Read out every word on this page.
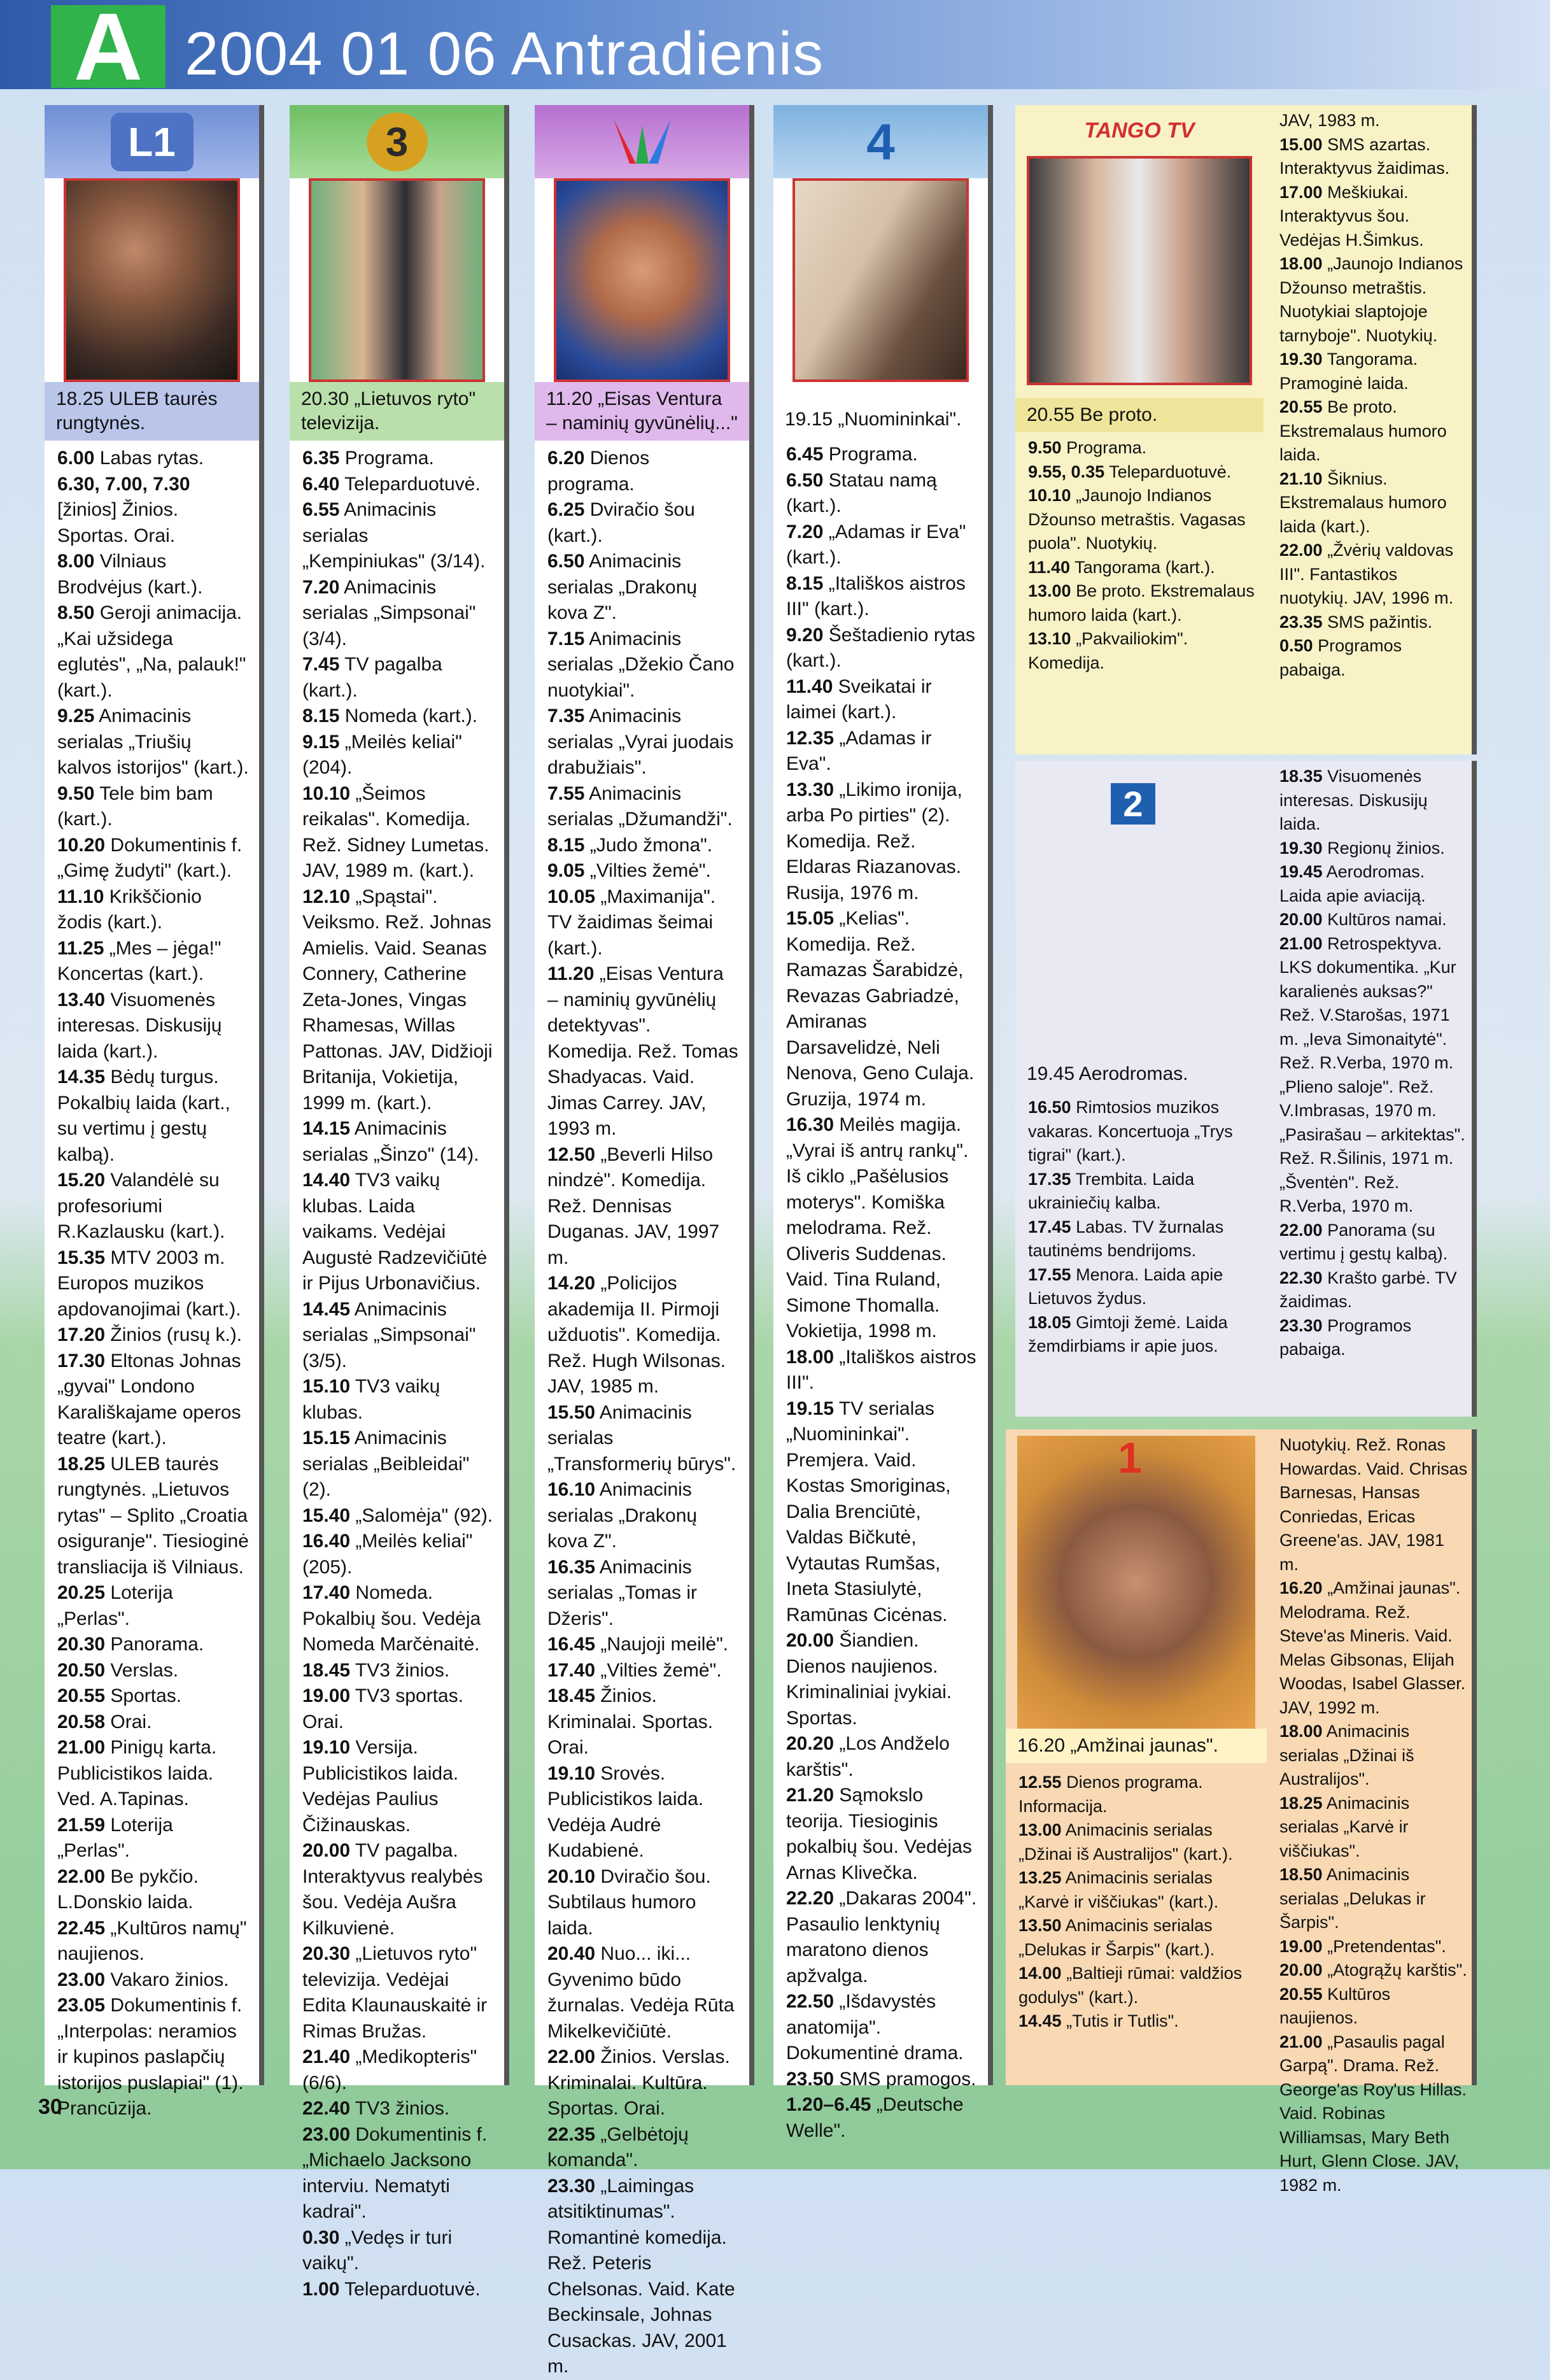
A 2004 01 06 Antradienis
L1
18.25 ULEB taurės rungtynės.
6.00 Labas rytas.
6.30, 7.00, 7.30 [žinios] Žinios. Sportas. Orai.
8.00 Vilniaus Brodvėjus (kart.).
8.50 Geroji animacija. „Kai užsidega eglutės", „Na, palauk!" (kart.).
9.25 Animacinis serialas „Triušių kalvos istorijos" (kart.).
9.50 Tele bim bam (kart.).
10.20 Dokumentinis f. „Gimę žudyti" (kart.).
11.10 Krikščionio žodis (kart.).
11.25 „Mes – jėga!" Koncertas (kart.).
13.40 Visuomenės interesas. Diskusijų laida (kart.).
14.35 Bėdų turgus. Pokalbių laida (kart., su vertimu į gestų kalbą).
15.20 Valandėlė su profesoriumi R.Kazlausku (kart.).
15.35 MTV 2003 m. Europos muzikos apdovanojimai (kart.).
17.20 Žinios (rusų k.).
17.30 Eltonas Johnas „gyvai" Londono Karališkajame operos teatre (kart.).
18.25 ULEB taurės rungtynės. „Lietuvos rytas" – Splito „Croatia osiguranje". Tiesioginė transliacija iš Vilniaus.
20.25 Loterija „Perlas".
20.30 Panorama.
20.50 Verslas.
20.55 Sportas.
20.58 Orai.
21.00 Pinigų karta. Publicistikos laida. Ved. A.Tapinas.
21.59 Loterija „Perlas".
22.00 Be pykčio. L.Donskio laida.
22.45 „Kultūros namų" naujienos.
23.00 Vakaro žinios.
23.05 Dokumentinis f. „Interpolas: neramios ir kupinos paslapčių istorijos puslapiai" (1). Prancūzija.
3
20.30 „Lietuvos ryto" televizija.
6.35 Programa.
6.40 Teleparduotuvė.
6.55 Animacinis serialas „Kempiniukas" (3/14).
7.20 Animacinis serialas „Simpsonai" (3/4).
7.45 TV pagalba (kart.).
8.15 Nomeda (kart.).
9.15 „Meilės keliai" (204).
10.10 „Šeimos reikalas". Komedija. Rež. Sidney Lumetas. JAV, 1989 m. (kart.).
12.10 „Spąstai". Veiksmo. Rež. Johnas Amielis. Vaid. Seanas Connery, Catherine Zeta-Jones, Vingas Rhamesas, Willas Pattonas. JAV, Didžioji Britanija, Vokietija, 1999 m. (kart.).
14.15 Animacinis serialas „Šinzo" (14).
14.40 TV3 vaikų klubas. Laida vaikams. Vedėjai Augustė Radzevičiūtė ir Pijus Urbonavičius.
14.45 Animacinis serialas „Simpsonai" (3/5).
15.10 TV3 vaikų klubas.
15.15 Animacinis serialas „Beibleidai" (2).
15.40 „Salomėja" (92).
16.40 „Meilės keliai" (205).
17.40 Nomeda. Pokalbių šou. Vedėja Nomeda Marčėnaitė.
18.45 TV3 žinios.
19.00 TV3 sportas. Orai.
19.10 Versija. Publicistikos laida. Vedėjas Paulius Čižinauskas.
20.00 TV pagalba. Interaktyvus realybės šou. Vedėja Aušra Kilkuvienė.
20.30 „Lietuvos ryto" televizija. Vedėjai Edita Klaunauskaitė ir Rimas Bružas.
21.40 „Medikopteris" (6/6).
22.40 TV3 žinios.
23.00 Dokumentinis f. „Michaelo Jacksono interviu. Nematyti kadrai".
0.30 „Vedęs ir turi vaikų".
1.00 Teleparduotuvė.
11.20 „Eisas Ventura – naminių gyvūnėlių..."
6.20 Dienos programa.
6.25 Dviračio šou (kart.).
6.50 Animacinis serialas „Drakonų kova Z".
7.15 Animacinis serialas „Džekio Čano nuotykiai".
7.35 Animacinis serialas „Vyrai juodais drabužiais".
7.55 Animacinis serialas „Džumandži".
8.15 „Judo žmona".
9.05 „Vilties žemė".
10.05 „Maximanija". TV žaidimas šeimai (kart.).
11.20 „Eisas Ventura – naminių gyvūnėlių detektyvas". Komedija. Rež. Tomas Shadyacas. Vaid. Jimas Carrey. JAV, 1993 m.
12.50 „Beverli Hilso nindzė". Komedija. Rež. Dennisas Duganas. JAV, 1997 m.
14.20 „Policijos akademija II. Pirmoji užduotis". Komedija. Rež. Hugh Wilsonas. JAV, 1985 m.
15.50 Animacinis serialas „Transformerių būrys".
16.10 Animacinis serialas „Drakonų kova Z".
16.35 Animacinis serialas „Tomas ir Džeris".
16.45 „Naujoji meilė".
17.40 „Vilties žemė".
18.45 Žinios. Kriminalai. Sportas. Orai.
19.10 Srovės. Publicistikos laida. Vedėja Audrė Kudabienė.
20.10 Dviračio šou. Subtilaus humoro laida.
20.40 Nuo... iki... Gyvenimo būdo žurnalas. Vedėja Rūta Mikelkevičiūtė.
22.00 Žinios. Verslas. Kriminalai. Kultūra. Sportas. Orai.
22.35 „Gelbėtojų komanda".
23.30 „Laimingas atsitiktinumas". Romantinė komedija. Rež. Peteris Chelsonas. Vaid. Kate Beckinsale, Johnas Cusackas. JAV, 2001 m.
4
19.15 „Nuomininkai".
6.45 Programa.
6.50 Statau namą (kart.).
7.20 „Adamas ir Eva" (kart.).
8.15 „Itališkos aistros III" (kart.).
9.20 Šeštadienio rytas (kart.).
11.40 Sveikatai ir laimei (kart.).
12.35 „Adamas ir Eva".
13.30 „Likimo ironija, arba Po pirties" (2). Komedija. Rež. Eldaras Riazanovas. Rusija, 1976 m.
15.05 „Kelias". Komedija. Rež. Ramazas Šarabidzė, Revazas Gabriadzė, Amiranas Darsavelidzė, Neli Nenova, Geno Culaja. Gruzija, 1974 m.
16.30 Meilės magija. „Vyrai iš antrų rankų". Iš ciklo „Pašėlusios moterys". Komiška melodrama. Rež. Oliveris Suddenas. Vaid. Tina Ruland, Simone Thomalla. Vokietija, 1998 m.
18.00 „Itališkos aistros III".
19.15 TV serialas „Nuomininkai". Premjera. Vaid. Kostas Smoriginas, Dalia Brenciūtė, Valdas Bičkutė, Vytautas Rumšas, Ineta Stasiulytė, Ramūnas Cicėnas.
20.00 Šiandien. Dienos naujienos. Kriminaliniai įvykiai. Sportas.
20.20 „Los Andželo karštis".
21.20 Sąmokslo teorija. Tiesioginis pokalbių šou. Vedėjas Arnas Klivečka.
22.20 „Dakaras 2004". Pasaulio lenktynių maratono dienos apžvalga.
22.50 „Išdavystės anatomija". Dokumentinė drama.
23.50 SMS pramogos.
1.20–6.45 „Deutsche Welle".
TANGO TV
20.55 Be proto.
9.50 Programa.
9.55, 0.35 Teleparduotuvė.
10.10 „Jaunojo Indianos Džounso metraštis. Vagasas puola". Nuotykių.
11.40 Tangorama (kart.).
13.00 Be proto. Ekstremalaus humoro laida (kart.).
13.10 „Pakvailiokim". Komedija.
JAV, 1983 m.
15.00 SMS azartas. Interaktyvus žaidimas.
17.00 Meškiukai. Interaktyvus šou. Vedėjas H.Šimkus.
18.00 „Jaunojo Indianos Džounso metraštis. Nuotykiai slaptojoje tarnyboje". Nuotykių.
19.30 Tangorama. Pramoginė laida.
20.55 Be proto. Ekstremalaus humoro laida.
21.10 Šiknius. Ekstremalaus humoro laida (kart.).
22.00 „Žvėrių valdovas III". Fantastikos nuotykių. JAV, 1996 m.
23.35 SMS pažintis.
0.50 Programos pabaiga.
2
19.45 Aerodromas.
16.50 Rimtosios muzikos vakaras. Koncertuoja „Trys tigrai" (kart.).
17.35 Trembita. Laida ukrainiečių kalba.
17.45 Labas. TV žurnalas tautinėms bendrijoms.
17.55 Menora. Laida apie Lietuvos žydus.
18.05 Gimtoji žemė. Laida žemdirbiams ir apie juos.
18.35 Visuomenės interesas. Diskusijų laida.
19.30 Regionų žinios.
19.45 Aerodromas. Laida apie aviaciją.
20.00 Kultūros namai.
21.00 Retrospektyva. LKS dokumentika. „Kur karalienės auksas?" Rež. V.Starošas, 1971 m. „Ieva Simonaitytė". Rež. R.Verba, 1970 m. „Plieno saloje". Rež. V.Imbrasas, 1970 m. „Pasirašau – arkitektas". Rež. R.Šilinis, 1971 m. „Šventėn". Rež. R.Verba, 1970 m.
22.00 Panorama (su vertimu į gestų kalbą).
22.30 Krašto garbė. TV žaidimas.
23.30 Programos pabaiga.
1
16.20 „Amžinai jaunas".
12.55 Dienos programa. Informacija.
13.00 Animacinis serialas „Džinai iš Australijos" (kart.).
13.25 Animacinis serialas „Karvė ir viščiukas" (kart.).
13.50 Animacinis serialas „Delukas ir Šarpis" (kart.).
14.00 „Baltieji rūmai: valdžios godulys" (kart.).
14.45 „Tutis ir Tutlis".
Nuotykių. Rež. Ronas Howardas. Vaid. Chrisas Barnesas, Hansas Conriedas, Ericas Greene'as. JAV, 1981 m.
16.20 „Amžinai jaunas". Melodrama. Rež. Steve'as Mineris. Vaid. Melas Gibsonas, Elijah Woodas, Isabel Glasser. JAV, 1992 m.
18.00 Animacinis serialas „Džinai iš Australijos".
18.25 Animacinis serialas „Karvė ir viščiukas".
18.50 Animacinis serialas „Delukas ir Šarpis".
19.00 „Pretendentas".
20.00 „Atogrąžų karštis".
20.55 Kultūros naujienos.
21.00 „Pasaulis pagal Garpą". Drama. Rež. George'as Roy'us Hillas. Vaid. Robinas Williamsas, Mary Beth Hurt, Glenn Close. JAV, 1982 m.
30
